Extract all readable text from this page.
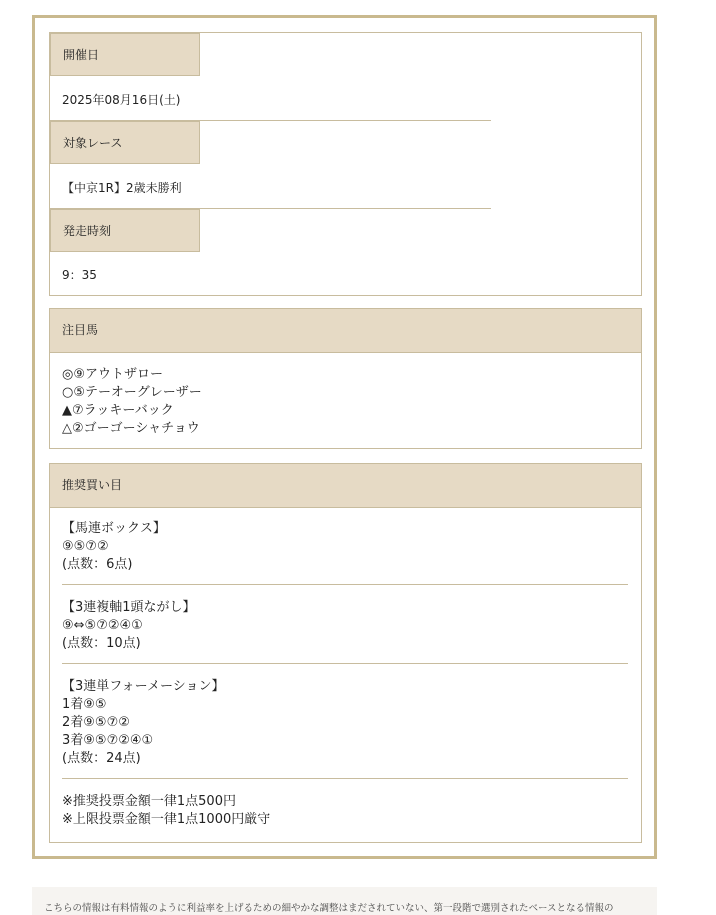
開催日
2025年08月16日(土)
対象レース
【中京1R】2歳未勝利
発走時刻
9：35
注目馬
◎⑨アウトザロー
○⑤テーオーグレーザー
▲⑦ラッキーバック
△②ゴーゴーシャチョウ
推奨買い目
【馬連ボックス】
⑨⑤⑦②
(点数：6点)
【3連複軸1頭ながし】
⑨⇔⑤⑦②④①
(点数：10点)
【3連単フォーメーション】
1着⑨⑤
2着⑨⑤⑦②
3着⑨⑤⑦②④①
(点数：24点)
※推奨投票金額一律1点500円
※上限投票金額一律1点1000円厳守
こちらの情報は有料情報のように利益率を上げるための細やかな調整はまだされていない、第一段階で選別されたベースとなる情報の
